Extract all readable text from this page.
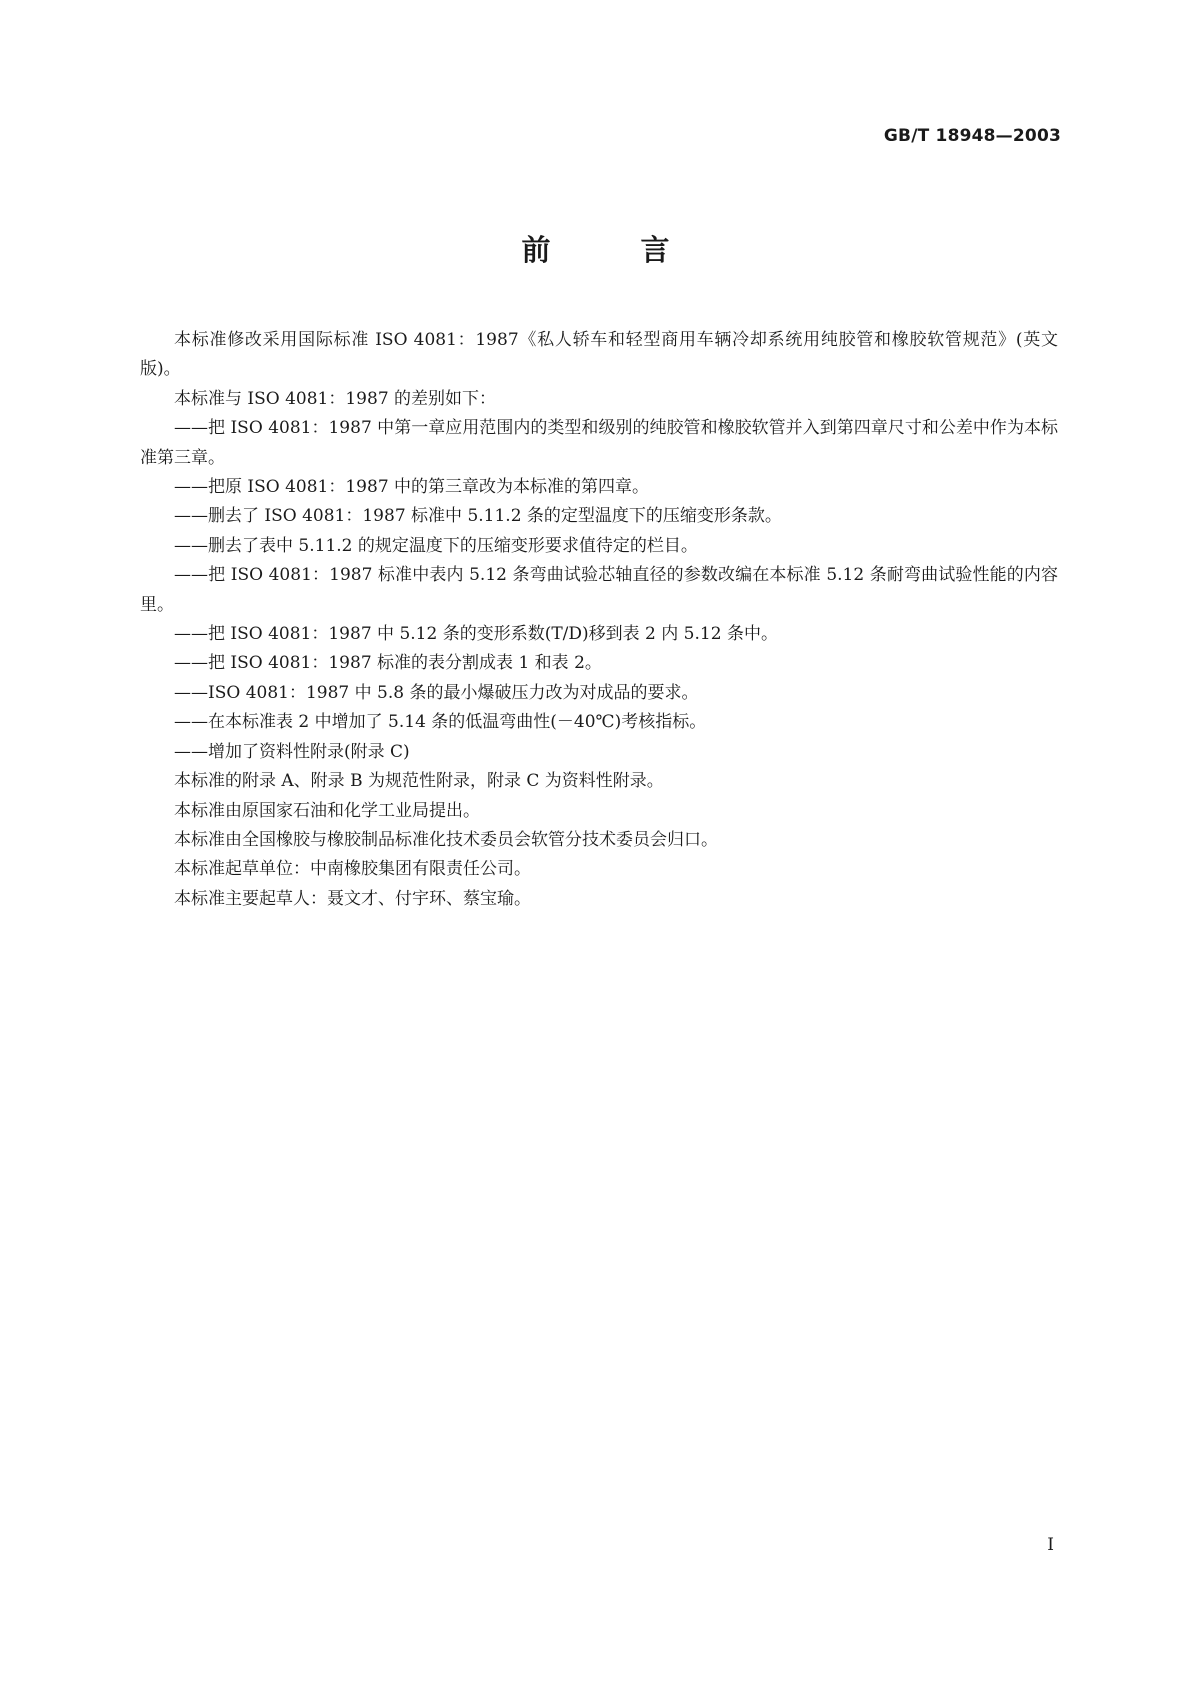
GB/T 18948—2003
前 言

本标准修改采用国际标准 ISO 4081：1987《私人轿车和轻型商用车辆冷却系统用纯胶管和橡胶软管规范》(英文版)。

本标准与 ISO 4081：1987 的差别如下：

——把 ISO 4081：1987 中第一章应用范围内的类型和级别的纯胶管和橡胶软管并入到第四章尺寸和公差中作为本标准第三章。

——把原 ISO 4081：1987 中的第三章改为本标准的第四章。

——删去了 ISO 4081：1987 标准中 5.11.2 条的定型温度下的压缩变形条款。

——删去了表中 5.11.2 的规定温度下的压缩变形要求值待定的栏目。

——把 ISO 4081：1987 标准中表内 5.12 条弯曲试验芯轴直径的参数改编在本标准 5.12 条耐弯曲试验性能的内容里。

——把 ISO 4081：1987 中 5.12 条的变形系数(T/D)移到表 2 内 5.12 条中。

——把 ISO 4081：1987 标准的表分割成表 1 和表 2。

——ISO 4081：1987 中 5.8 条的最小爆破压力改为对成品的要求。

——在本标准表 2 中增加了 5.14 条的低温弯曲性(－40℃)考核指标。

——增加了资料性附录(附录 C)

本标准的附录 A、附录 B 为规范性附录，附录 C 为资料性附录。

本标准由原国家石油和化学工业局提出。

本标准由全国橡胶与橡胶制品标准化技术委员会软管分技术委员会归口。

本标准起草单位：中南橡胶集团有限责任公司。

本标准主要起草人：聂文才、付宇环、蔡宝瑜。

I
